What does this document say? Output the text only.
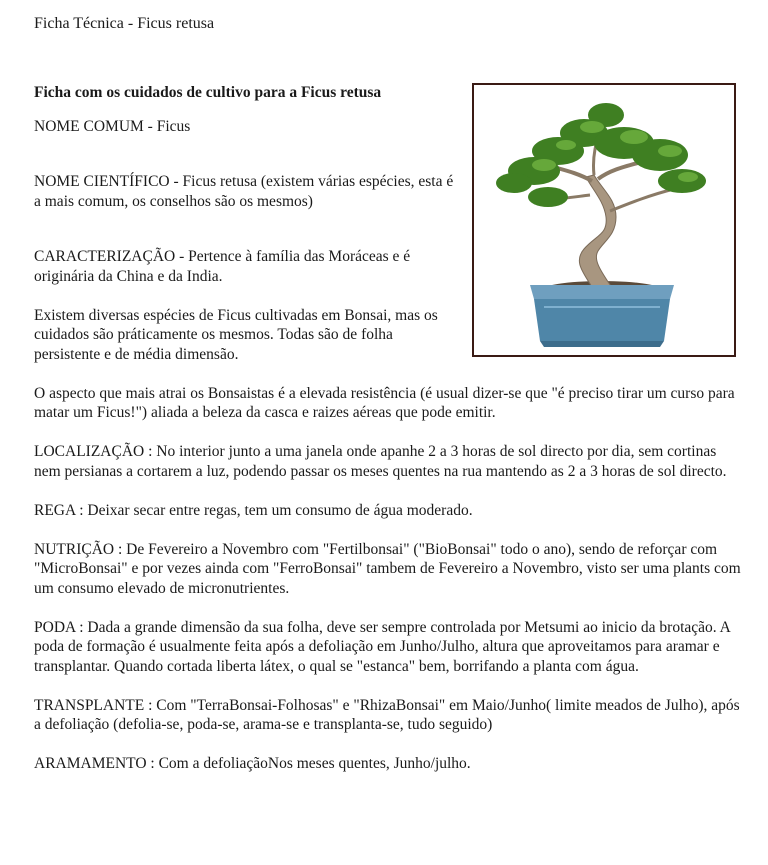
Ficha Técnica - Ficus retusa
Ficha com os cuidados de cultivo para a Ficus retusa

NOME COMUM - Ficus

NOME CIENTÍFICO - Ficus retusa (existem várias espécies, esta é a mais comum, os conselhos são os mesmos)

CARACTERIZAÇÃO - Pertence à família das Moráceas e é originária da China e da India.

Existem diversas espécies de Ficus cultivadas em Bonsai, mas os cuidados são práticamente os mesmos. Todas são de folha persistente e de média dimensão.

O aspecto que mais atrai os Bonsaistas é a elevada resistência (é usual dizer-se que "é preciso tirar um curso para matar um Ficus!") aliada a beleza da casca e raizes aéreas que pode emitir.

LOCALIZAÇÃO : No interior junto a uma janela onde apanhe 2 a 3 horas de sol directo por dia, sem cortinas nem persianas a cortarem a luz, podendo passar os meses quentes na rua mantendo as 2 a 3 horas de sol directo.

REGA : Deixar secar entre regas, tem um consumo de água moderado.

NUTRIÇÃO : De Fevereiro a Novembro com "Fertilbonsai" ("BioBonsai" todo o ano), sendo de reforçar com "MicroBonsai" e por vezes ainda com "FerroBonsai" tambem de Fevereiro a Novembro, visto ser uma plants com um consumo elevado de micronutrientes.

PODA : Dada a grande dimensão da sua folha, deve ser sempre controlada por Metsumi ao inicio da brotação. A poda de formação é usualmente feita após a defoliação em Junho/Julho, altura que aproveitamos para aramar e transplantar. Quando cortada liberta látex, o qual se "estanca" bem, borrifando a planta com água.

TRANSPLANTE : Com "TerraBonsai-Folhosas" e "RhizaBonsai" em Maio/Junho( limite meados de Julho), após a defoliação (defolia-se, poda-se, arama-se e transplanta-se, tudo seguido)

ARAMAMENTO : Com a defoliaçãoNos meses quentes, Junho/julho.
